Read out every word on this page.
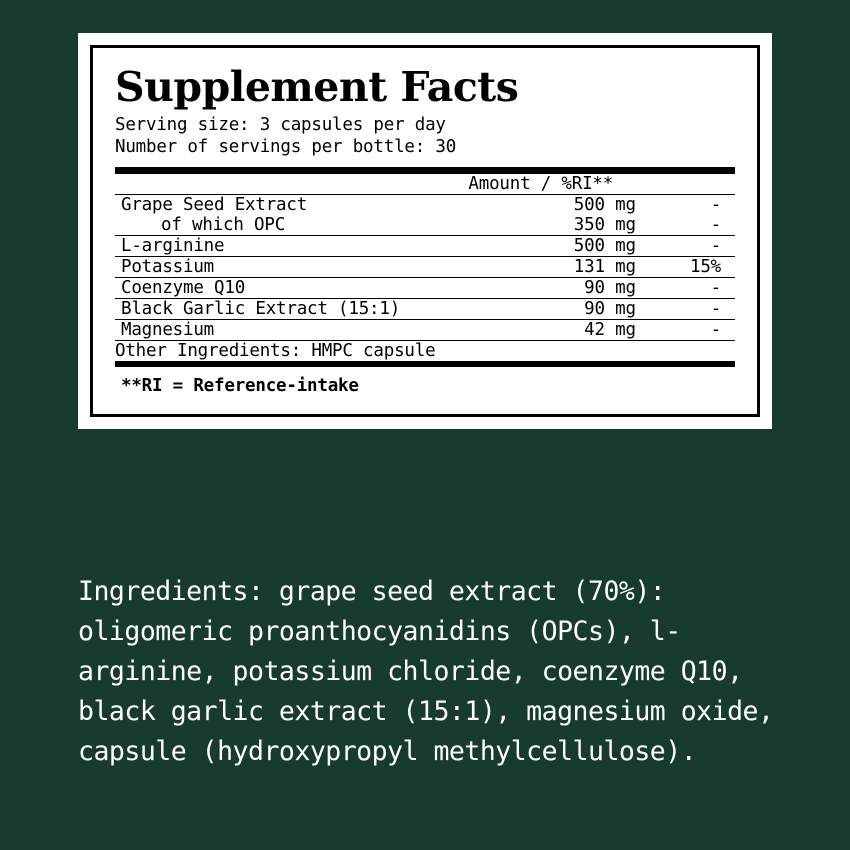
Supplement Facts
Serving size: 3 capsules per day
Number of servings per bottle: 30
	Amount / %RI**	
Grape Seed Extract	500 mg	-
of which OPC	350 mg	-
L-arginine	500 mg	-
Potassium	131 mg	15%
Coenzyme Q10	90 mg	-
Black Garlic Extract (15:1)	90 mg	-
Magnesium	42 mg	-
Other Ingredients: HMPC capsule		
**RI = Reference-intake
Ingredients: grape seed extract (70%): oligomeric proanthocyanidins (OPCs), l-arginine, potassium chloride, coenzyme Q10, black garlic extract (15:1), magnesium oxide, capsule (hydroxypropyl methylcellulose).
